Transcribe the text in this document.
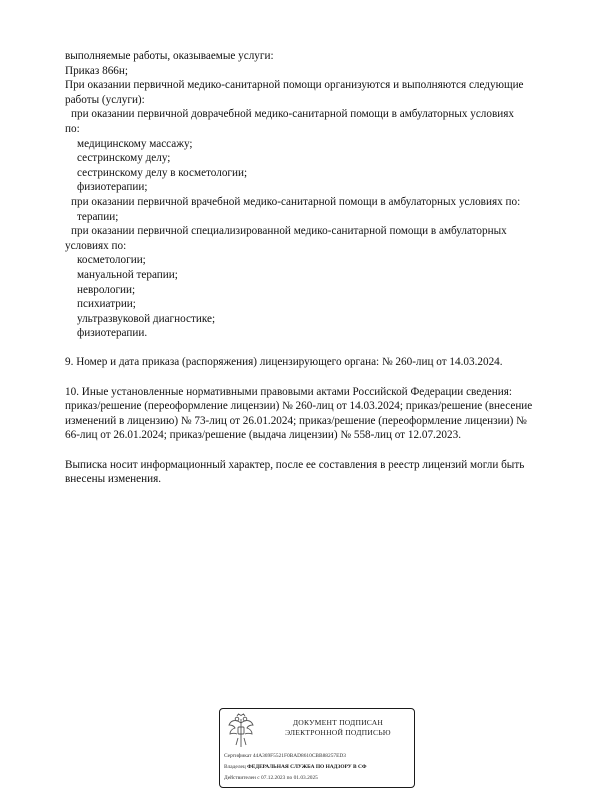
выполняемые работы, оказываемые услуги:
Приказ 866н;
При оказании первичной медико-санитарной помощи организуются и выполняются следующие
работы (услуги):
при оказании первичной доврачебной медико-санитарной помощи в амбулаторных условиях
по:
медицинскому массажу;
сестринскому делу;
сестринскому делу в косметологии;
физиотерапии;
при оказании первичной врачебной медико-санитарной помощи в амбулаторных условиях по:
терапии;
при оказании первичной специализированной медико-санитарной помощи в амбулаторных
условиях по:
косметологии;
мануальной терапии;
неврологии;
психиатрии;
ультразвуковой диагностике;
физиотерапии.
9. Номер и дата приказа (распоряжения) лицензирующего органа: № 260-лиц от 14.03.2024.
10. Иные установленные нормативными правовыми актами Российской Федерации сведения:
приказ/решение (переоформление лицензии) № 260-лиц от 14.03.2024; приказ/решение (внесение
изменений в лицензию) № 73-лиц от 26.01.2024; приказ/решение (переоформление лицензии) №
66-лиц от 26.01.2024; приказ/решение (выдача лицензии) № 558-лиц от 12.07.2023.
Выписка носит информационный характер, после ее составления в реестр лицензий могли быть
внесены изменения.
ДОКУМЕНТ ПОДПИСАН
ЭЛЕКТРОННОЙ ПОДПИСЬЮ
Сертификат 44A369F5521F0BAD8610CBB88257ED3
Владелец ФЕДЕРАЛЬНАЯ СЛУЖБА ПО НАДЗОРУ В СФ
Действителен с 07.12.2023 по 01.03.2025
